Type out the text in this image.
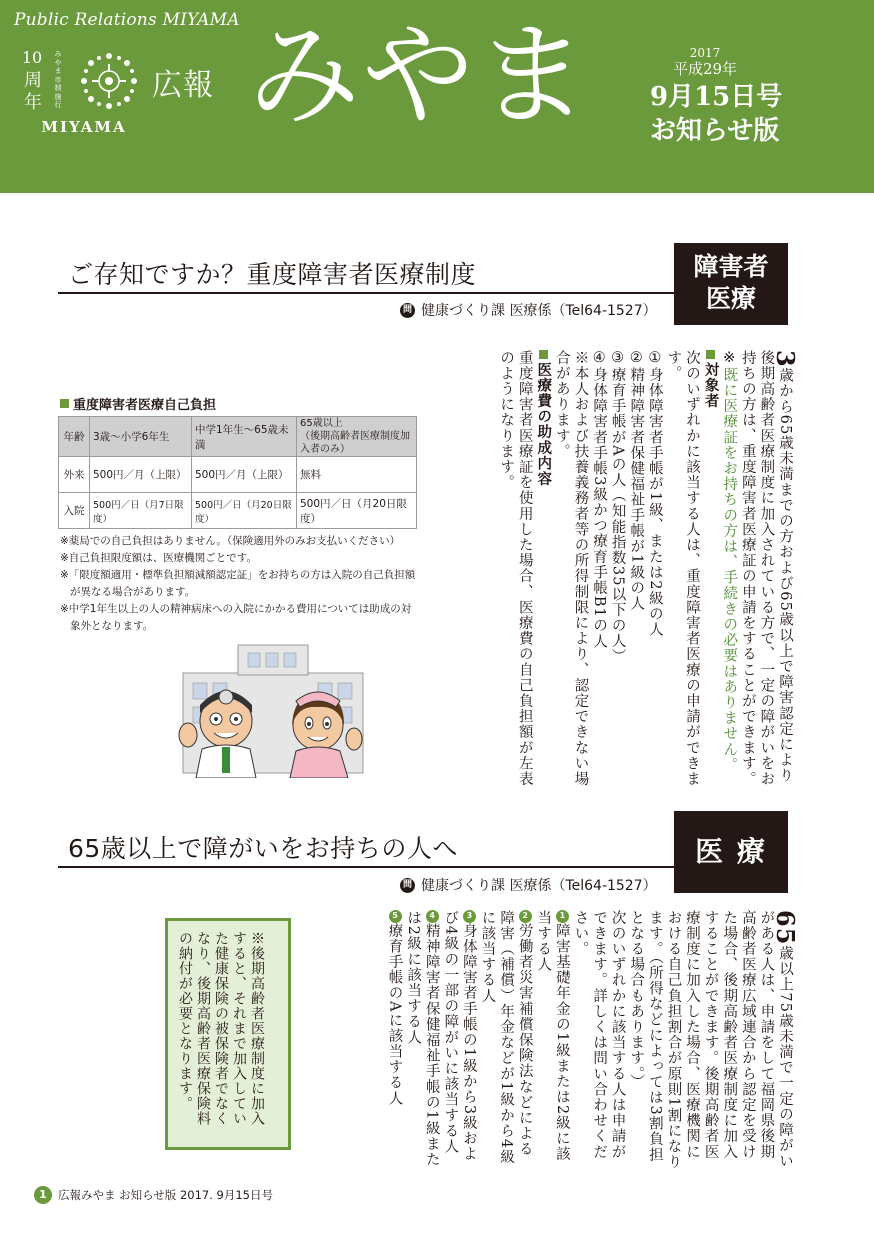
Public Relations MIYAMA
10
周年
みやま市制施行
MIYAMA
広報 みやま	2017
平成29年
9月15日号
お知らせ版
ご存知ですか？重度障害者医療制度	障害者
医療
問 健康づくり課 医療係（Tel64-1527）

3歳から65歳未満までの方および65歳以上で障害認定により後期高齢者医療制度に加入されている方で、一定の障がいをお持ちの方は、重度障害者医療証の申請をすることができます。

※既に医療証をお持ちの方は、手続きの必要はありません。

対象者

次のいずれかに該当する人は、重度障害者医療の申請ができます。

①身体障害者手帳が1級、または2級の人

②精神障害者保健福祉手帳が1級の人

③療育手帳がAの人（知能指数35以下の人）

④身体障害者手帳3級かつ療育手帳B1の人

※本人および扶養義務者等の所得制限により、認定できない場合があります。

医療費の助成内容

重度障害者医療証を使用した場合、医療費の自己負担額が左表のようになります。

重度障害者医療自己負担
年齢	3歳～小学6年生	中学1年生～65歳未満	65歳以上
（後期高齢者医療制度加入者のみ）
外来	500円／月（上限）	500円／月（上限）	無料
入院	500円／日（月7日限度）	500円／日（月20日限度）	500円／日（月20日限度）
※薬局での自己負担はありません。（保険適用外のみお支払いください）
※自己負担限度額は、医療機関ごとです。
※「限度額適用・標準負担額減額認定証」をお持ちの方は入院の自己負担額
が異なる場合があります。
※中学1年生以上の人の精神病床への入院にかかる費用については助成の対
象外となります。
65歳以上で障がいをお持ちの人へ	医 療
問 健康づくり課 医療係（Tel64-1527）

65歳以上75歳未満で一定の障がいがある人は、申請をして福岡県後期高齢者医療広域連合から認定を受けた場合、後期高齢者医療制度に加入することができます。後期高齢者医療制度に加入した場合、医療機関における自己負担割合が原則1割になります。（所得などによっては3割負担となる場合もあります。）

次のいずれかに該当する人は申請ができます。詳しくは問い合わせください。

1障害基礎年金の1級または2級に該当する人

2労働者災害補償保険法などによる障害（補償）年金などが1級から4級に該当する人

3身体障害者手帳の1級から3級および4級の一部の障がいに該当する人

4精神障害者保健福祉手帳の1級または2級に該当する人

5療育手帳のAに該当する人

※後期高齢者医療制度に加入すると、それまで加入していた健康保険の被保険者でなくなり、後期高齢者医療保険料の納付が必要となります。
1 広報みやま お知らせ版 2017. 9月15日号
